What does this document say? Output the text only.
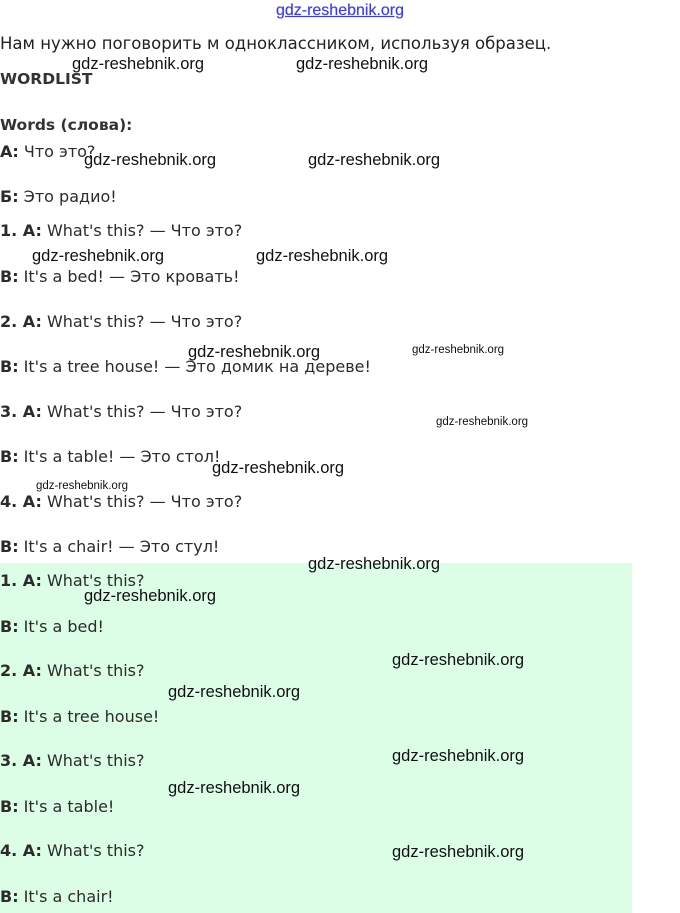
gdz-reshebnik.org
Нам нужно поговорить м одноклассником, используя образец.
WORDLIST
Words (слова):
А: Что это?
Б: Это радио!
1. A: What's this? — Что это?
B: It's a bed! — Это кровать!
2. A: What's this? — Что это?
B: It's a tree house! — Это домик на дереве!
3. A: What's this? — Что это?
B: It's a table! — Это стол!
4. A: What's this? — Что это?
B: It's a chair! — Это стул!
1. A: What's this?
B: It's a bed!
2. A: What's this?
B: It's a tree house!
3. A: What's this?
B: It's a table!
4. A: What's this?
B: It's a chair!
gdz-reshebnik.org	gdz-reshebnik.org
gdz-reshebnik.org	gdz-reshebnik.org
gdz-reshebnik.org	gdz-reshebnik.org
gdz-reshebnik.org	gdz-reshebnik.org
gdz-reshebnik.org
gdz-reshebnik.org
gdz-reshebnik.org
gdz-reshebnik.org
gdz-reshebnik.org
gdz-reshebnik.org
gdz-reshebnik.org
gdz-reshebnik.org
gdz-reshebnik.org
gdz-reshebnik.org
